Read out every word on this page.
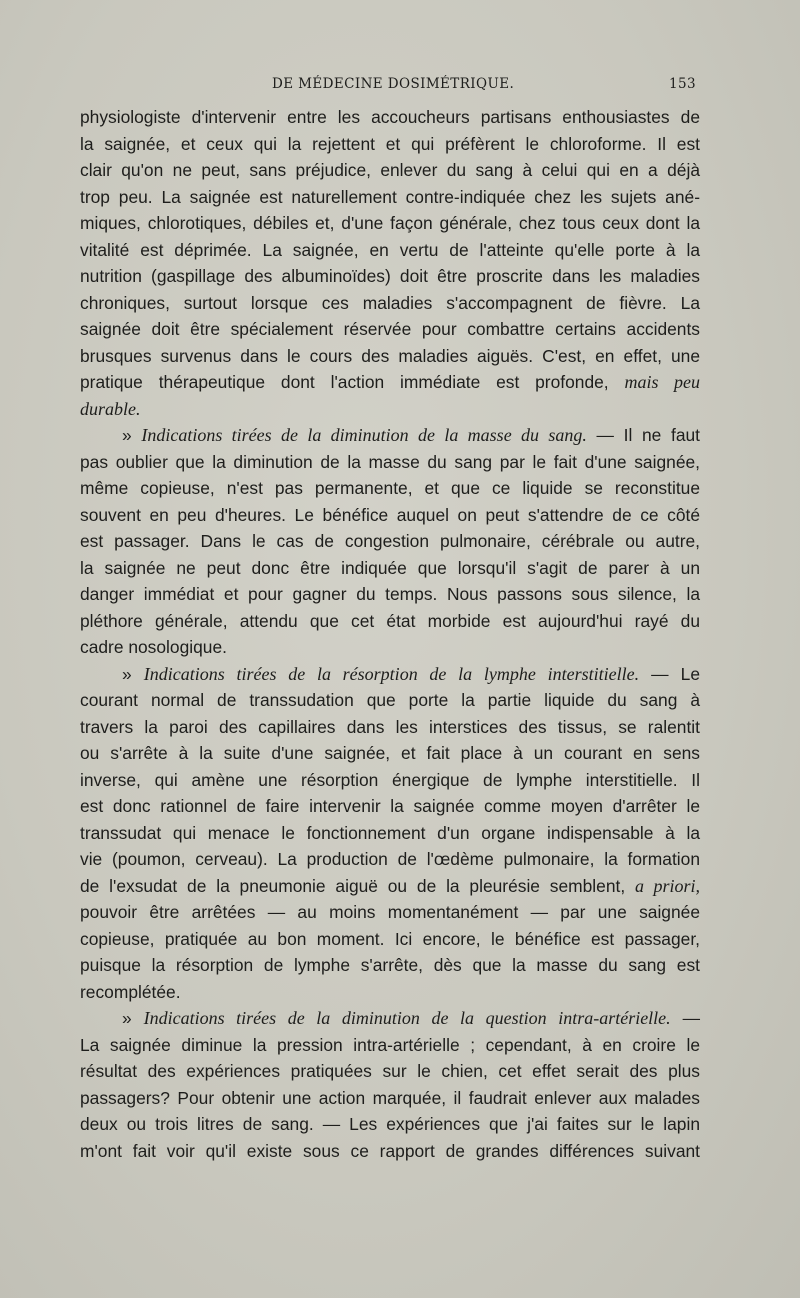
DE MÉDECINE DOSIMÉTRIQUE.	153
physiologiste d'intervenir entre les accoucheurs partisans enthousiastes de
la saignée, et ceux qui la rejettent et qui préfèrent le chloroforme. Il est
clair qu'on ne peut, sans préjudice, enlever du sang à celui qui en a déjà
trop peu. La saignée est naturellement contre-indiquée chez les sujets ané-
miques, chlorotiques, débiles et, d'une façon générale, chez tous ceux dont la
vitalité est déprimée. La saignée, en vertu de l'atteinte qu'elle porte à la
nutrition (gaspillage des albuminoïdes) doit être proscrite dans les maladies
chroniques, surtout lorsque ces maladies s'accompagnent de fièvre. La
saignée doit être spécialement réservée pour combattre certains accidents
brusques survenus dans le cours des maladies aiguës. C'est, en effet, une
pratique thérapeutique dont l'action immédiate est profonde, mais peu
durable.
» Indications tirées de la diminution de la masse du sang. — Il ne faut
pas oublier que la diminution de la masse du sang par le fait d'une saignée,
même copieuse, n'est pas permanente, et que ce liquide se reconstitue
souvent en peu d'heures. Le bénéfice auquel on peut s'attendre de ce côté
est passager. Dans le cas de congestion pulmonaire, cérébrale ou autre,
la saignée ne peut donc être indiquée que lorsqu'il s'agit de parer à un
danger immédiat et pour gagner du temps. Nous passons sous silence, la
pléthore générale, attendu que cet état morbide est aujourd'hui rayé du
cadre nosologique.
» Indications tirées de la résorption de la lymphe interstitielle. — Le
courant normal de transsudation que porte la partie liquide du sang à
travers la paroi des capillaires dans les interstices des tissus, se ralentit
ou s'arrête à la suite d'une saignée, et fait place à un courant en sens
inverse, qui amène une résorption énergique de lymphe interstitielle. Il
est donc rationnel de faire intervenir la saignée comme moyen d'arrêter le
transsudat qui menace le fonctionnement d'un organe indispensable à la
vie (poumon, cerveau). La production de l'œdème pulmonaire, la formation
de l'exsudat de la pneumonie aiguë ou de la pleurésie semblent, a priori,
pouvoir être arrêtées — au moins momentanément — par une saignée
copieuse, pratiquée au bon moment. Ici encore, le bénéfice est passager,
puisque la résorption de lymphe s'arrête, dès que la masse du sang est
recomplétée.
» Indications tirées de la diminution de la question intra-artérielle. —
La saignée diminue la pression intra-artérielle ; cependant, à en croire le
résultat des expériences pratiquées sur le chien, cet effet serait des plus
passagers? Pour obtenir une action marquée, il faudrait enlever aux malades
deux ou trois litres de sang. — Les expériences que j'ai faites sur le lapin
m'ont fait voir qu'il existe sous ce rapport de grandes différences suivant
